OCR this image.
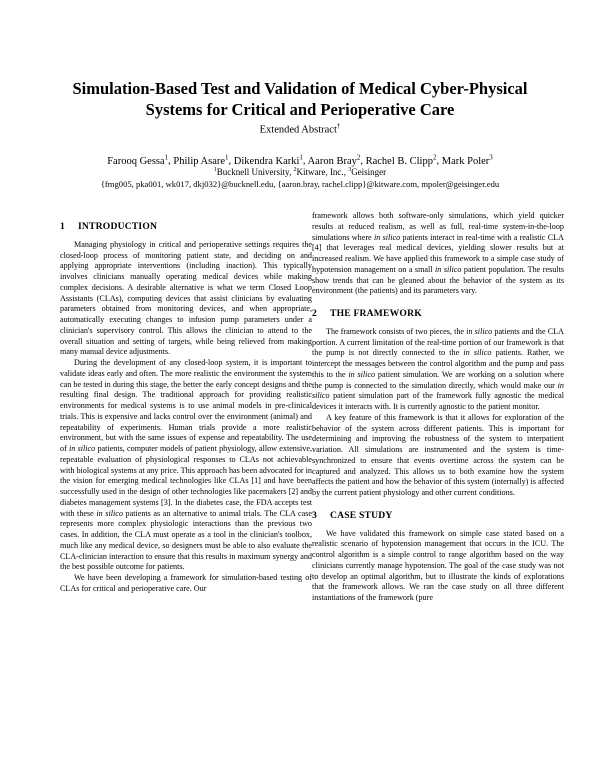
Simulation-Based Test and Validation of Medical Cyber-Physical
Systems for Critical and Perioperative Care
Extended Abstract†
Farooq Gessa$^1$, Philip Asare$^1$, Dikendra Karki$^1$, Aaron Bray$^2$, Rachel B. Clipp$^2$, Mark Poler$^3$
$^1$Bucknell University, $^2$Kitware, Inc., $^3$Geisinger
{fmg005, pka001, wk017, dkj032}@bucknell.edu, {aaron.bray, rachel.clipp}@kitware.com, mpoler@geisinger.edu
1 INTRODUCTION

Managing physiology in critical and perioperative settings requires the closed-loop process of monitoring patient state, and deciding on and applying appropriate interventions (including inaction). This typically involves clinicians manually operating medical devices while making complex decisions. A desirable alternative is what we term Closed Loop Assistants (CLAs), computing devices that assist clinicians by evaluating parameters obtained from monitoring devices, and when appropriate, automatically executing changes to infusion pump parameters under a clinician's supervisory control. This allows the clinician to attend to the overall situation and setting of targets, while being relieved from making many manual device adjustments.

During the development of any closed-loop system, it is important to validate ideas early and often. The more realistic the environment the system can be tested in during this stage, the better the early concept designs and the resulting final design. The traditional approach for providing realistic environments for medical systems is to use animal models in pre-clinical trials. This is expensive and lacks control over the environment (animal) and repeatability of experiments. Human trials provide a more realistic environment, but with the same issues of expense and repeatability. The use of in silico patients, computer models of patient physiology, allow extensive, repeatable evaluation of physiological responses to CLAs not achievable with biological systems at any price. This approach has been advocated for in the vision for emerging medical technologies like CLAs [1] and have been successfully used in the design of other technologies like pacemakers [2] and diabetes management systems [3]. In the diabetes case, the FDA accepts test with these in silico patients as an alternative to animal trials. The CLA case represents more complex physiologic interactions than the previous two cases. In addition, the CLA must operate as a tool in the clinician's toolbox, much like any medical device, so designers must be able to also evaluate the CLA-clinician interaction to ensure that this results in maximum synergy and the best possible outcome for patients.

We have been developing a framework for simulation-based testing of CLAs for critical and perioperative care. Our

framework allows both software-only simulations, which yield quicker results at reduced realism, as well as full, real-time system-in-the-loop simulations where in silico patients interact in real-time with a realistic CLA [4] that leverages real medical devices, yielding slower results but at increased realism. We have applied this framework to a simple case study of hypotension management on a small in silico patient population. The results show trends that can be gleaned about the behavior of the system as its environment (the patients) and its parameters vary.

2 THE FRAMEWORK

The framework consists of two pieces, the in silico patients and the CLA portion. A current limitation of the real-time portion of our framework is that the pump is not directly connected to the in silico patients. Rather, we intercept the messages between the control algorithm and the pump and pass this to the in silico patient simulation. We are working on a solution where the pump is connected to the simulation directly, which would make our in silico patient simulation part of the framework fully agnostic the medical devices it interacts with. It is currently agnostic to the patient monitor.

A key feature of this framework is that it allows for exploration of the behavior of the system across different patients. This is important for determining and improving the robustness of the system to interpatient variation. All simulations are instrumented and the system is time-synchronized to ensure that events overtime across the system can be captured and analyzed. This allows us to both examine how the system affects the patient and how the behavior of this system (internally) is affected by the current patient physiology and other current conditions.

3 CASE STUDY

We have validated this framework on simple case stated based on a realistic scenario of hypotension management that occurs in the ICU. The control algorithm is a simple control to range algorithm based on the way clinicians currently manage hypotension. The goal of the case study was not to develop an optimal algorithm, but to illustrate the kinds of explorations that the framework allows. We ran the case study on all three different instantiations of the framework (pure
